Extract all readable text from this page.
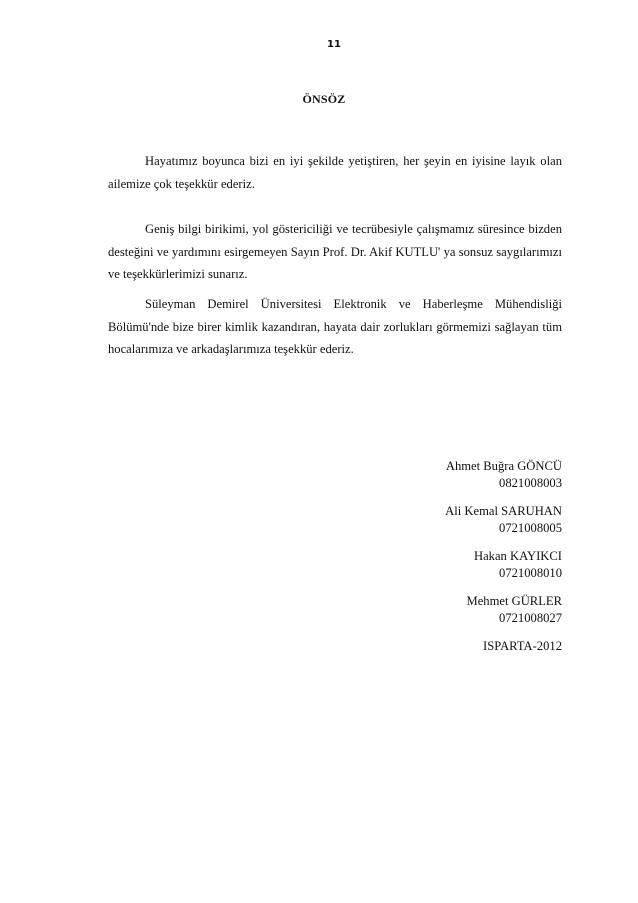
11
ÖNSÖZ

Hayatımız boyunca bizi en iyi şekilde yetiştiren, her şeyin en iyisine layık olan ailemize çok teşekkür ederiz.

Geniş bilgi birikimi, yol göstericiliği ve tecrübesiyle çalışmamız süresince bizden desteğini ve yardımını esirgemeyen Sayın Prof. Dr. Akif KUTLU' ya sonsuz saygılarımızı ve teşekkürlerimizi sunarız.

Süleyman Demirel Üniversitesi Elektronik ve Haberleşme Mühendisliği Bölümü'nde bize birer kimlik kazandıran, hayata dair zorlukları görmemizi sağlayan tüm hocalarımıza ve arkadaşlarımıza teşekkür ederiz.

Ahmet Buğra GÖNCÜ
0821008003
Ali Kemal SARUHAN
0721008005
Hakan KAYIKCI
0721008010
Mehmet GÜRLER
0721008027
ISPARTA-2012
